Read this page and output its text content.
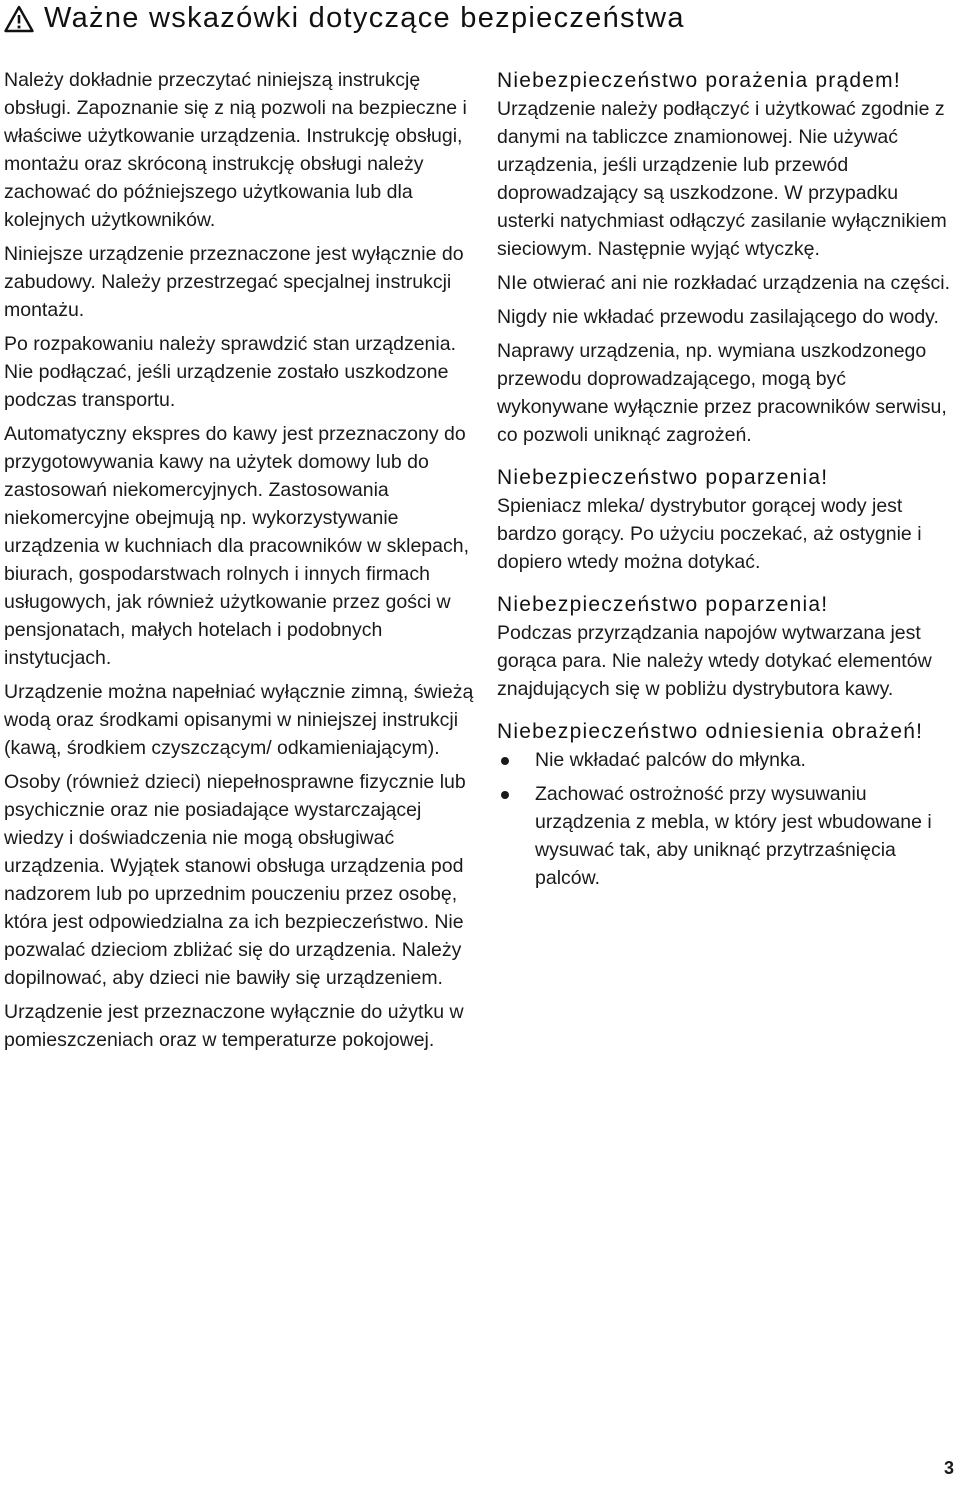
Ważne wskazówki dotyczące bezpieczeństwa

Należy dokładnie przeczytać niniejszą instrukcję obsługi. Zapoznanie się z nią pozwoli na bezpieczne i właściwe użytkowanie urządzenia. Instrukcję obsługi, montażu oraz skróconą instrukcję obsługi należy zachować do późniejszego użytkowania lub dla kolejnych użytkowników.

Niniejsze urządzenie przeznaczone jest wyłącznie do zabudowy. Należy przestrzegać specjalnej instrukcji montażu.

Po rozpakowaniu należy sprawdzić stan urządzenia. Nie podłączać, jeśli urządzenie zostało uszkodzone podczas transportu.

Automatyczny ekspres do kawy jest przeznaczony do przygotowywania kawy na użytek domowy lub do zastosowań niekomercyjnych. Zastosowania niekomercyjne obejmują np. wykorzystywanie urządzenia w kuchniach dla pracowników w sklepach, biurach, gospodarstwach rolnych i innych firmach usługowych, jak również użytkowanie przez gości w pensjonatach, małych hotelach i podobnych instytucjach.

Urządzenie można napełniać wyłącznie zimną, świeżą wodą oraz środkami opisanymi w niniejszej instrukcji (kawą, środkiem czyszczącym/ odkamieniającym).

Osoby (również dzieci) niepełnosprawne fizycznie lub psychicznie oraz nie posiadające wystarczającej wiedzy i doświadczenia nie mogą obsługiwać urządzenia. Wyjątek stanowi obsługa urządzenia pod nadzorem lub po uprzednim pouczeniu przez osobę, która jest odpowiedzialna za ich bezpieczeństwo. Nie pozwalać dzieciom zbliżać się do urządzenia. Należy dopilnować, aby dzieci nie bawiły się urządzeniem.

Urządzenie jest przeznaczone wyłącznie do użytku w pomieszczeniach oraz w temperaturze pokojowej.

Niebezpieczeństwo porażenia prądem!

Urządzenie należy podłączyć i użytkować zgodnie z danymi na tabliczce znamionowej. Nie używać urządzenia, jeśli urządzenie lub przewód doprowadzający są uszkodzone. W przypadku usterki natychmiast odłączyć zasilanie wyłącznikiem sieciowym. Następnie wyjąć wtyczkę.

NIe otwierać ani nie rozkładać urządzenia na części.

Nigdy nie wkładać przewodu zasilającego do wody.

Naprawy urządzenia, np. wymiana uszkodzonego przewodu doprowadzającego, mogą być wykonywane wyłącznie przez pracowników serwisu, co pozwoli uniknąć zagrożeń.

Niebezpieczeństwo poparzenia!

Spieniacz mleka/ dystrybutor gorącej wody jest bardzo gorący. Po użyciu poczekać, aż ostygnie i dopiero wtedy można dotykać.

Niebezpieczeństwo poparzenia!

Podczas przyrządzania napojów wytwarzana jest gorąca para. Nie należy wtedy dotykać elementów znajdujących się w pobliżu dystrybutora kawy.

Niebezpieczeństwo odniesienia obrażeń!
Nie wkładać palców do młynka.
Zachować ostrożność przy wysuwaniu urządzenia z mebla, w który jest wbudowane i wysuwać tak, aby uniknąć przytrzaśnięcia palców.
3
